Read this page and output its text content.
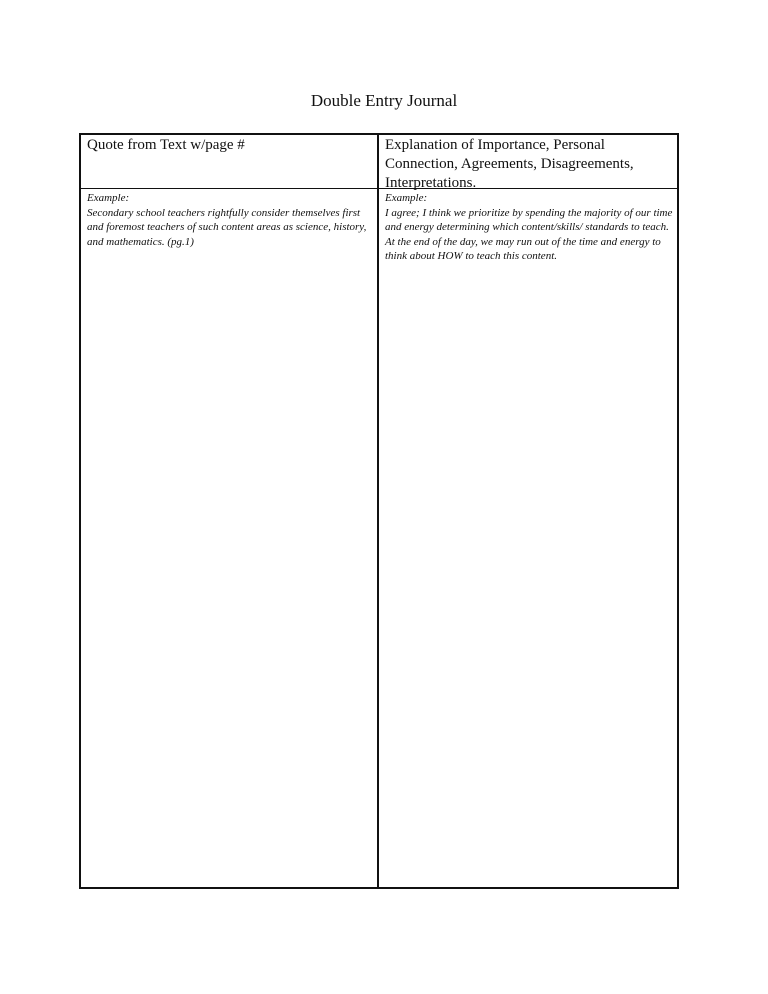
Double Entry Journal
Quote from Text w/page #	Explanation of Importance, Personal Connection, Agreements, Disagreements, Interpretations.
Example:
Secondary school teachers rightfully consider themselves first and foremost teachers of such content areas as science, history, and mathematics. (pg.1)
Example:
I agree; I think we prioritize by spending the majority of our time and energy determining which content/skills/ standards to teach. At the end of the day, we may run out of the time and energy to think about HOW to teach this content.
